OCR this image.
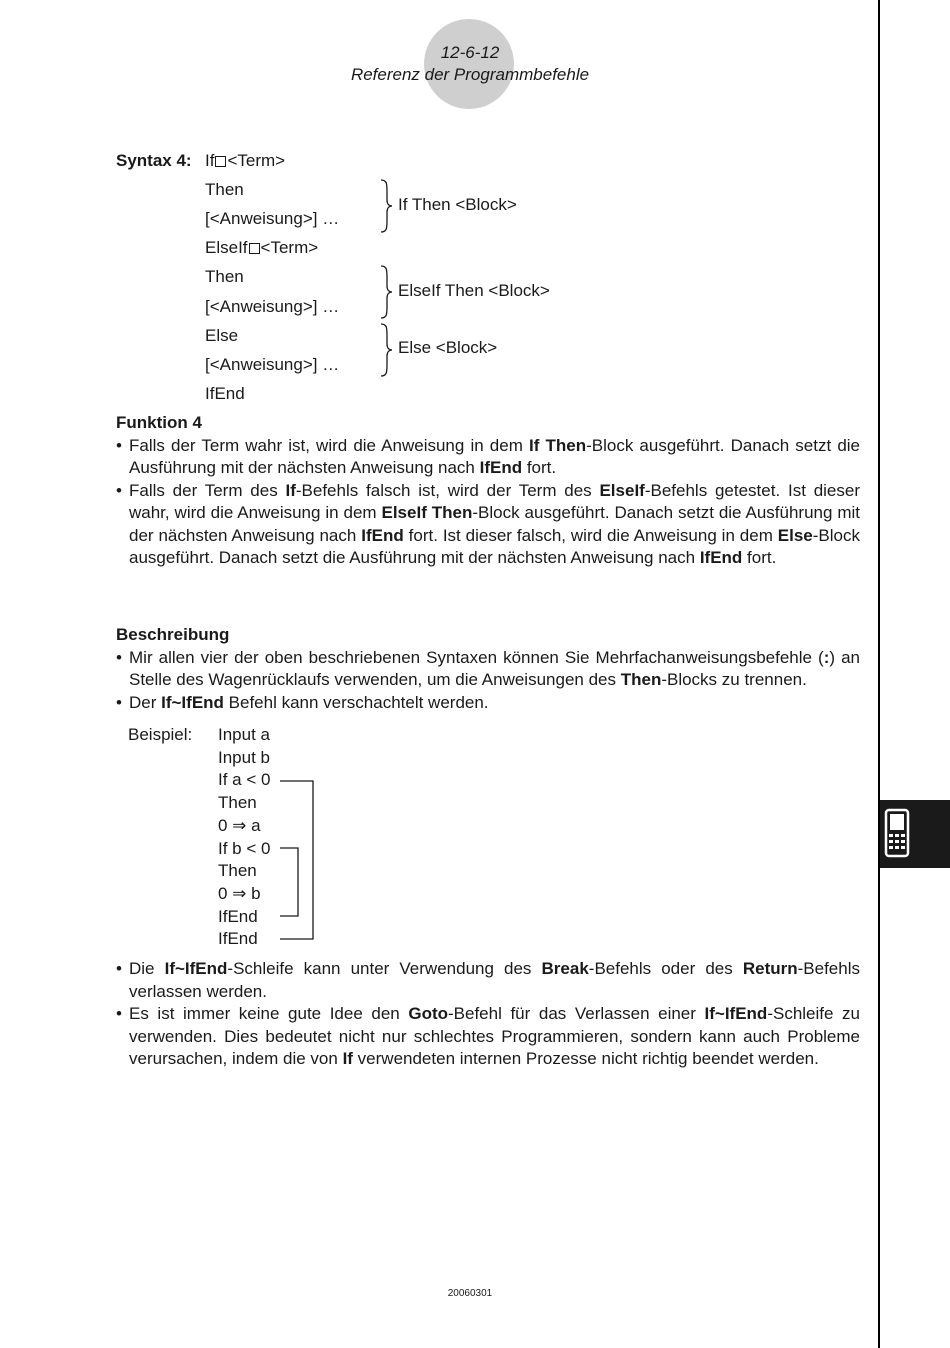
12-6-12
Referenz der Programmbefehle
Syntax 4: If <Term>
Then
[<Anweisung>] …
ElseIf <Term>
Then
[<Anweisung>] …
Else
[<Anweisung>] …
IfEnd
If Then <Block>
ElseIf Then <Block>
Else <Block>
Funktion 4
• Falls der Term wahr ist, wird die Anweisung in dem If Then-Block ausgeführt. Danach setzt die Ausführung mit der nächsten Anweisung nach IfEnd fort.
• Falls der Term des If-Befehls falsch ist, wird der Term des ElseIf-Befehls getestet. Ist dieser wahr, wird die Anweisung in dem ElseIf Then-Block ausgeführt. Danach setzt die Ausführung mit der nächsten Anweisung nach IfEnd fort. Ist dieser falsch, wird die Anweisung in dem Else-Block ausgeführt. Danach setzt die Ausführung mit der nächsten Anweisung nach IfEnd fort.
Beschreibung
• Mir allen vier der oben beschriebenen Syntaxen können Sie Mehrfachanweisungsbefehle (:) an Stelle des Wagenrücklaufs verwenden, um die Anweisungen des Then-Blocks zu trennen.
• Der If~IfEnd Befehl kann verschachtelt werden.
Beispiel: Input a
Input b
If a < 0
Then
0 ⇒ a
If b < 0
Then
0 ⇒ b
IfEnd
IfEnd
• Die If~IfEnd-Schleife kann unter Verwendung des Break-Befehls oder des Return-Befehls verlassen werden.
• Es ist immer keine gute Idee den Goto-Befehl für das Verlassen einer If~IfEnd-Schleife zu verwenden. Dies bedeutet nicht nur schlechtes Programmieren, sondern kann auch Probleme verursachen, indem die von If verwendeten internen Prozesse nicht richtig beendet werden.
20060301
